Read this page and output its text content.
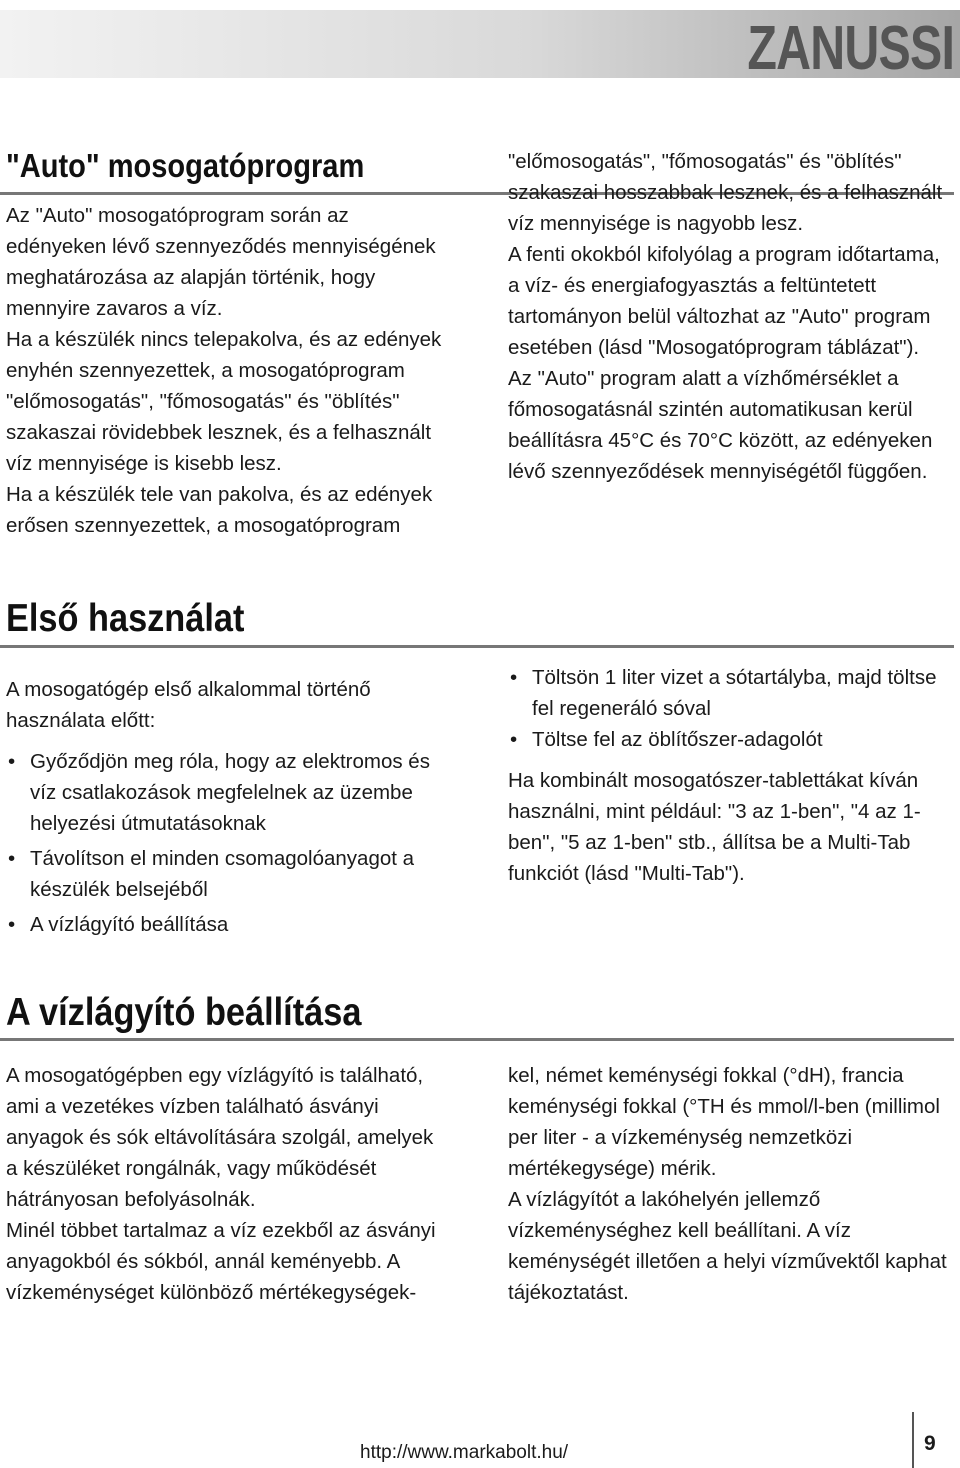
ZANUSSI
"Auto" mosogatóprogram

Az "Auto" mosogatóprogram során az edényeken lévő szennyeződés mennyiségének meghatározása az alapján történik, hogy mennyire zavaros a víz.

Ha a készülék nincs telepakolva, és az edények enyhén szennyezettek, a mosogatóprogram "előmosogatás", "főmosogatás" és "öblítés" szakaszai rövidebbek lesznek, és a felhasznált víz mennyisége is kisebb lesz.

Ha a készülék tele van pakolva, és az edények erősen szennyezettek, a mosogatóprogram

"előmosogatás", "főmosogatás" és "öblítés" szakaszai hosszabbak lesznek, és a felhasznált víz mennyisége is nagyobb lesz.

A fenti okokból kifolyólag a program időtartama, a víz- és energiafogyasztás a feltüntetett tartományon belül változhat az "Auto" program esetében (lásd "Mosogatóprogram táblázat").

Az "Auto" program alatt a vízhőmérséklet a főmosogatásnál szintén automatikusan kerül beállításra 45°C és 70°C között, az edényeken lévő szennyeződések mennyiségétől függően.

Első használat

A mosogatógép első alkalommal történő használata előtt:

• Győződjön meg róla, hogy az elektromos és víz csatlakozások megfelelnek az üzembe helyezési útmutatásoknak
• Távolítson el minden csomagolóanyagot a készülék belsejéből
• A vízlágyító beállítása
• Töltsön 1 liter vizet a sótartályba, majd töltse fel regeneráló sóval
• Töltse fel az öblítőszer-adagolót

Ha kombinált mosogatószer-tablettákat kíván használni, mint például: "3 az 1-ben", "4 az 1-ben", "5 az 1-ben" stb., állítsa be a Multi-Tab funkciót (lásd "Multi-Tab").

A vízlágyító beállítása

A mosogatógépben egy vízlágyító is található, ami a vezetékes vízben található ásványi anyagok és sók eltávolítására szolgál, amelyek a készüléket rongálnák, vagy működését hátrányosan befolyásolnák.

Minél többet tartalmaz a víz ezekből az ásványi anyagokból és sókból, annál keményebb. A vízkeménységet különböző mértékegységek-

kel, német keménységi fokkal (°dH), francia keménységi fokkal (°TH és mmol/l-ben (millimol per liter - a vízkeménység nemzetközi mértékegysége) mérik.

A vízlágyítót a lakóhelyén jellemző vízkeménységhez kell beállítani. A víz keménységét illetően a helyi vízművektől kaphat tájékoztatást.

http://www.markabolt.hu/	9
